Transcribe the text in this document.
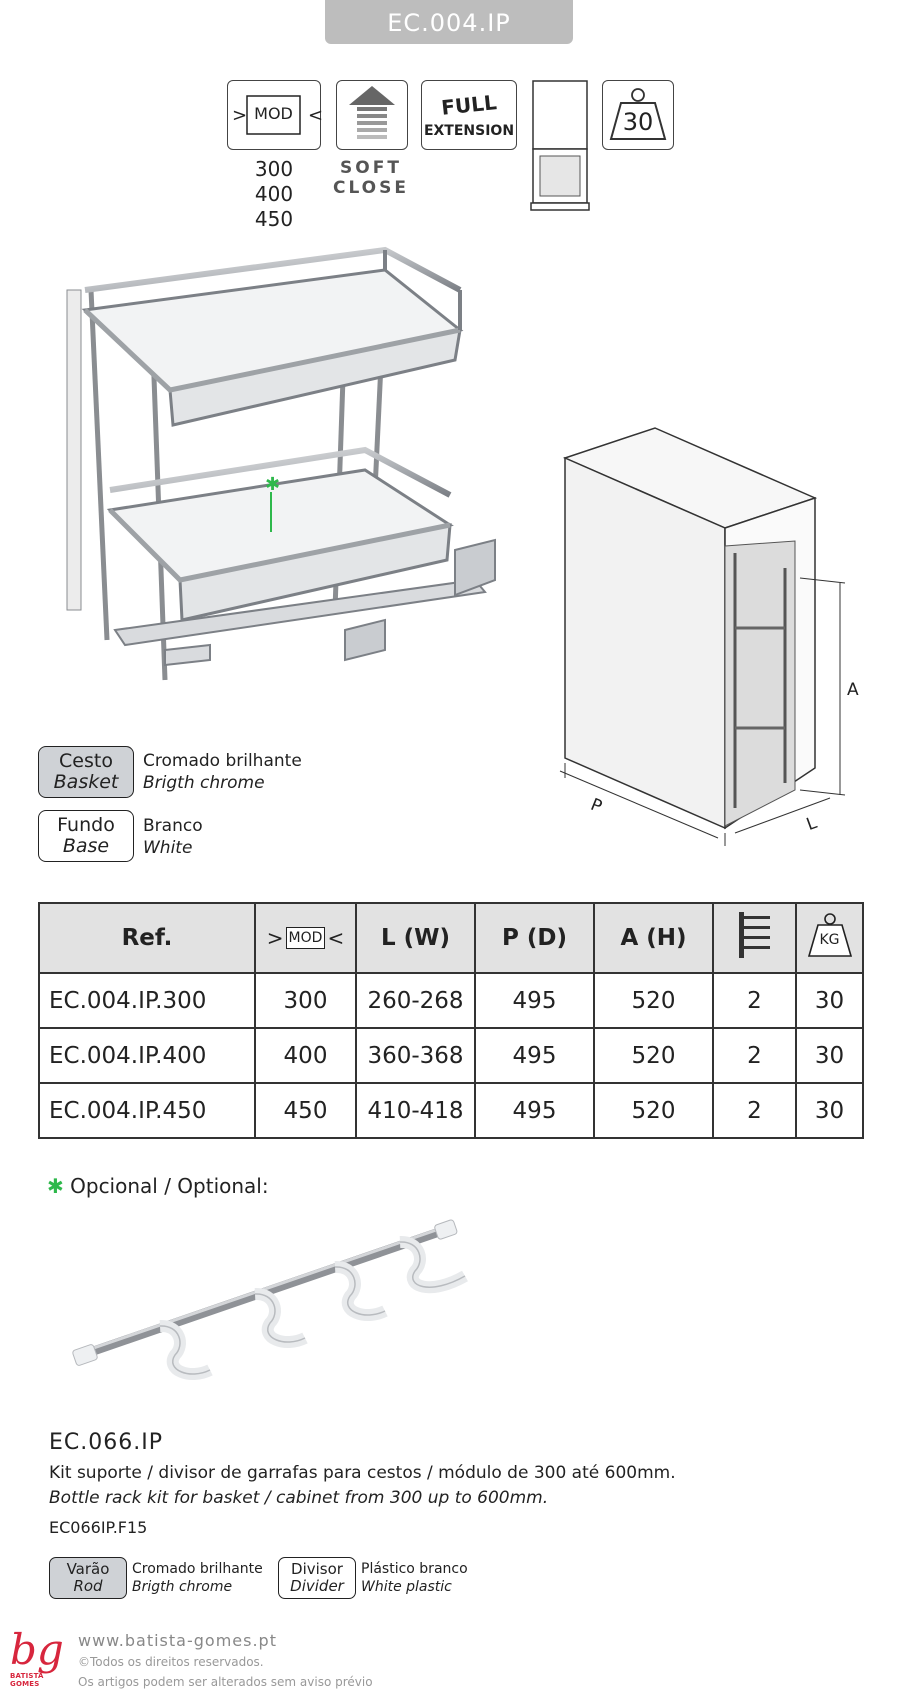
EC.004.IP
>	<
MOD
300
400
450
SOFT
CLOSE
FULL
EXTENSION	30
✱
A
P
L
Cesto
Basket
Cromado brilhante
Brigth chrome
Fundo
Base
Branco
White
Ref.	> MOD <	L (W)	P (D)	A (H)		KG

EC.004.IP.300	300	260-268	495	520	2	30
EC.004.IP.400	400	360-368	495	520	2	30
EC.004.IP.450	450	410-418	495	520	2	30
✱ Opcional / Optional:
EC.066.IP
Kit suporte / divisor de garrafas para cestos / módulo de 300 até 600mm.
Bottle rack kit for basket / cabinet from 300 up to 600mm.
EC066IP.F15
Varão
Rod
Cromado brilhante
Brigth chrome
Divisor
Divider
Plástico branco
White plastic
bg
BATISTA GOMES
www.batista-gomes.pt
©Todos os direitos reservados.
Os artigos podem ser alterados sem aviso prévio
